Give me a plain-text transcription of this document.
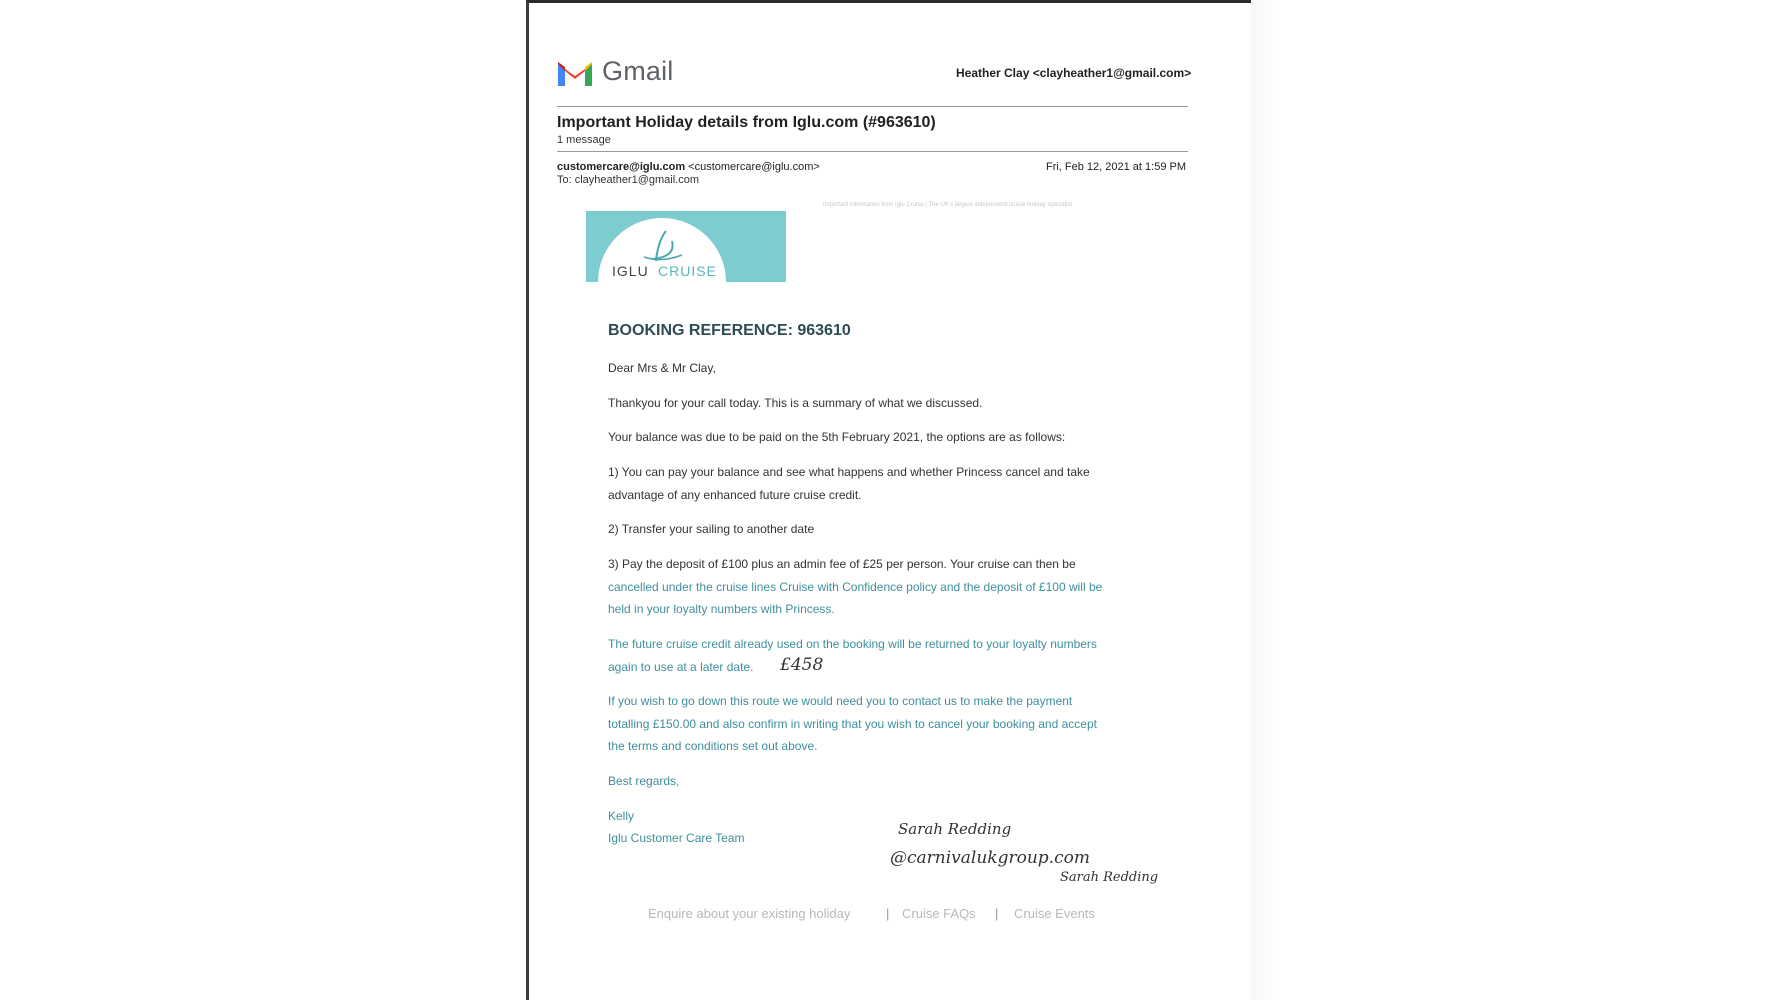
Gmail	Heather Clay <clayheather1@gmail.com>
Important Holiday details from Iglu.com (#963610)
1 message
customercare@iglu.com <customercare@iglu.com>
To: clayheather1@gmail.com
Fri, Feb 12, 2021 at 1:59 PM
Important information from Iglu Cruise | The UK's largest independent cruise holiday specialist
IGLU CRUISE
BOOKING REFERENCE: 963610
Dear Mrs & Mr Clay,
Thankyou for your call today. This is a summary of what we discussed.
Your balance was due to be paid on the 5th February 2021, the options are as follows:
1) You can pay your balance and see what happens and whether Princess cancel and take
advantage of any enhanced future cruise credit.
2) Transfer your sailing to another date
3) Pay the deposit of £100 plus an admin fee of £25 per person. Your cruise can then be
cancelled under the cruise lines Cruise with Confidence policy and the deposit of £100 will be
held in your loyalty numbers with Princess.
The future cruise credit already used on the booking will be returned to your loyalty numbers
again to use at a later date.	£458
If you wish to go down this route we would need you to contact us to make the payment
totalling £150.00 and also confirm in writing that you wish to cancel your booking and accept
the terms and conditions set out above.
Best regards,
Kelly
Iglu Customer Care Team	Sarah Redding
@carnivalukgroup.com
Sarah Redding
Enquire about your existing holiday	| Cruise FAQs | Cruise Events
